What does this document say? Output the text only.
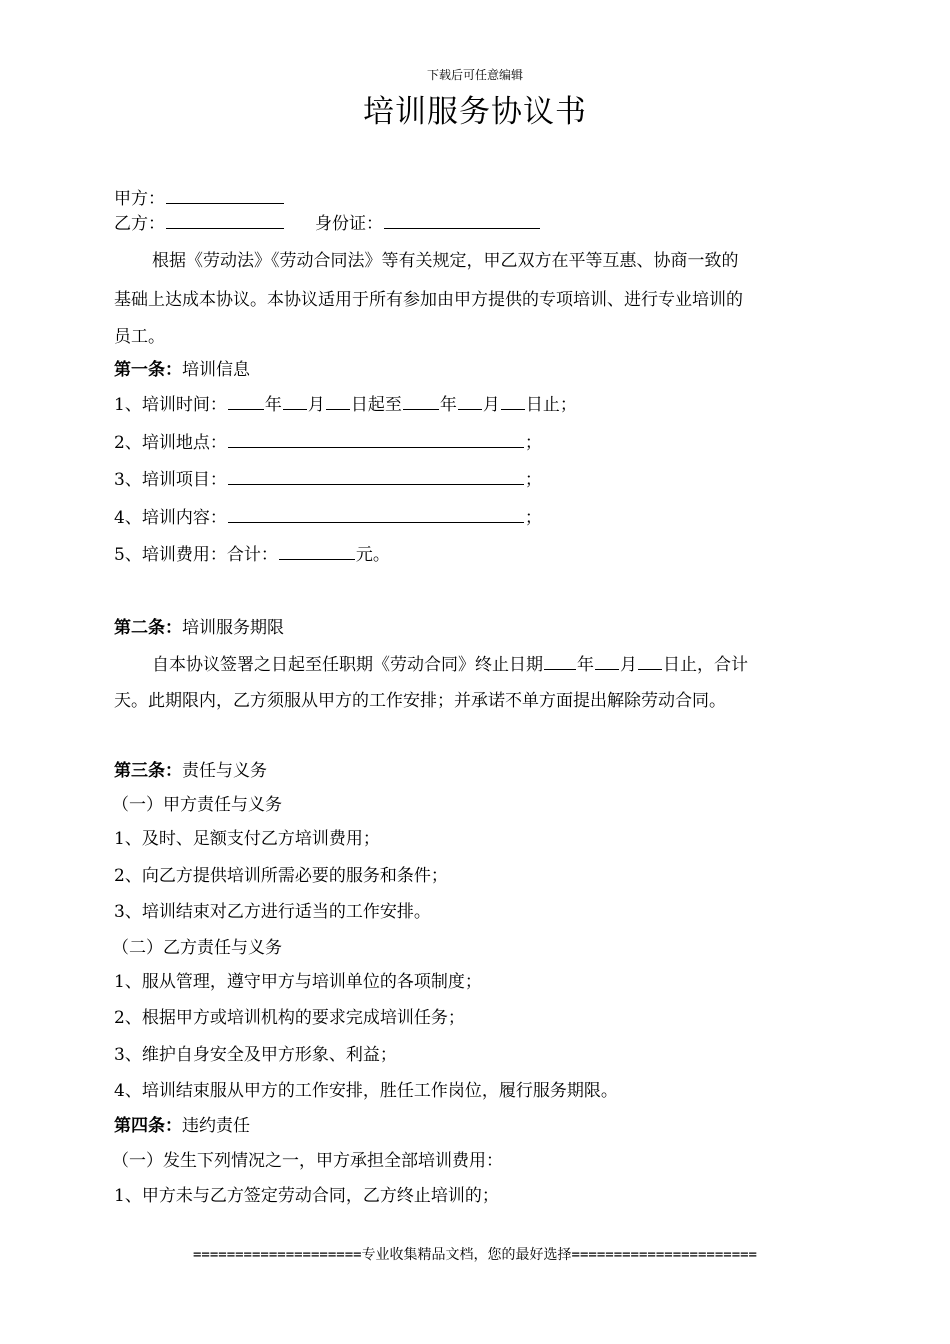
下载后可任意编辑
培训服务协议书
甲方：
乙方：	身份证：
根据《劳动法》《劳动合同法》等有关规定，甲乙双方在平等互惠、协商一致的
基础上达成本协议。本协议适用于所有参加由甲方提供的专项培训、进行专业培训的
员工。
第一条：培训信息
1、培训时间： 年 月 日起至 年 月 日止；
2、培训地点：	；
3、培训项目：	；
4、培训内容：	；
5、培训费用：合计：	元。
第二条：培训服务期限
自本协议签署之日起至任职期《劳动合同》终止日期 年 月 日止，合计
天。此期限内，乙方须服从甲方的工作安排；并承诺不单方面提出解除劳动合同。
第三条：责任与义务
（一）甲方责任与义务
1、及时、足额支付乙方培训费用；
2、向乙方提供培训所需必要的服务和条件；
3、培训结束对乙方进行适当的工作安排。
（二）乙方责任与义务
1、服从管理，遵守甲方与培训单位的各项制度；
2、根据甲方或培训机构的要求完成培训任务；
3、维护自身安全及甲方形象、利益；
4、培训结束服从甲方的工作安排，胜任工作岗位，履行服务期限。
第四条：违约责任
（一）发生下列情况之一，甲方承担全部培训费用：
1、甲方未与乙方签定劳动合同，乙方终止培训的；
====================专业收集精品文档，您的最好选择======================
